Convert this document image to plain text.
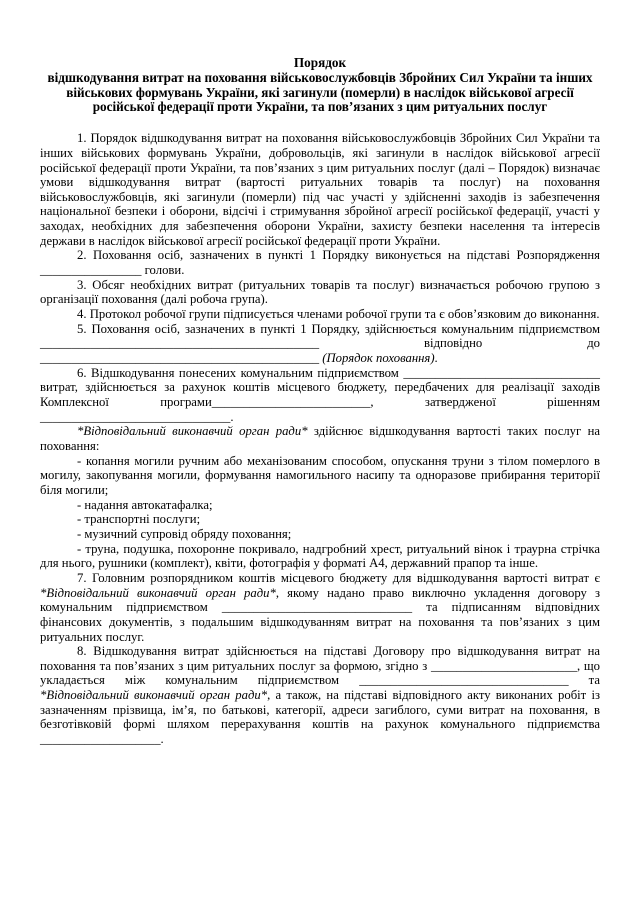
Порядок
відшкодування витрат на поховання військовослужбовців Збройних Сил України та інших військових формувань України, які загинули (померли) в наслідок військової агресії російської федерації проти України, та пов’язаних з цим ритуальних послуг

1. Порядок відшкодування витрат на поховання військовослужбовців Збройних Сил України та інших військових формувань України, добровольців, які загинули в наслідок військової агресії російської федерації проти України, та пов’язаних з цим ритуальних послуг (далі – Порядок) визначає умови відшкодування витрат (вартості ритуальних товарів та послуг) на поховання військовослужбовців, які загинули (померли) під час участі у здійсненні заходів із забезпечення національної безпеки і оборони, відсічі і стримування збройної агресії російської федерації, участі у заходах, необхідних для забезпечення оборони України, захисту безпеки населення та інтересів держави в наслідок військової агресії російської федерації проти України.

2. Поховання осіб, зазначених в пункті 1 Порядку виконується на підставі Розпорядження ________________ голови.

3. Обсяг необхідних витрат (ритуальних товарів та послуг) визначається робочою групою з організації поховання (далі робоча група).

4. Протокол робочої групи підписується членами робочої групи та є обов’язковим до виконання.

5. Поховання осіб, зазначених в пункті 1 Порядку, здійснюється комунальним підприємством ____________________________________________ відповідно до ____________________________________________ (Порядок поховання).

6. Відшкодування понесених комунальним підприємством _______________________________ витрат, здійснюється за рахунок коштів місцевого бюджету, передбачених для реалізації заходів Комплексної програми_________________________, затвердженої рішенням ______________________________.

*Відповідальний виконавчий орган ради* здійснює відшкодування вартості таких послуг на поховання:

- копання могили ручним або механізованим способом, опускання труни з тілом померлого в могилу, закопування могили, формування намогильного насипу та одноразове прибирання території біля могили;

- надання автокатафалка;

- транспортні послуги;

- музичний супровід обряду поховання;

- труна, подушка, похоронне покривало, надгробний хрест, ритуальний вінок і траурна стрічка для нього, рушники (комплект), квіти, фотографія у форматі А4, державний прапор та інше.

7. Головним розпорядником коштів місцевого бюджету для відшкодування вартості витрат є *Відповідальний виконавчий орган ради*, якому надано право виключно укладення договору з комунальним підприємством ______________________________ та підписанням відповідних фінансових документів, з подальшим відшкодуванням витрат на поховання та пов’язаних з цим ритуальних послуг.

8. Відшкодування витрат здійснюється на підставі Договору про відшкодування витрат на поховання та пов’язаних з цим ритуальних послуг за формою, згідно з _______________________, що укладається між комунальним підприємством _________________________________ та *Відповідальний виконавчий орган ради*, а також, на підставі відповідного акту виконаних робіт із зазначенням прізвища, ім’я, по батькові, категорії, адреси загиблого, суми витрат на поховання, в безготівковій формі шляхом перерахування коштів на рахунок комунального підприємства ___________________.
